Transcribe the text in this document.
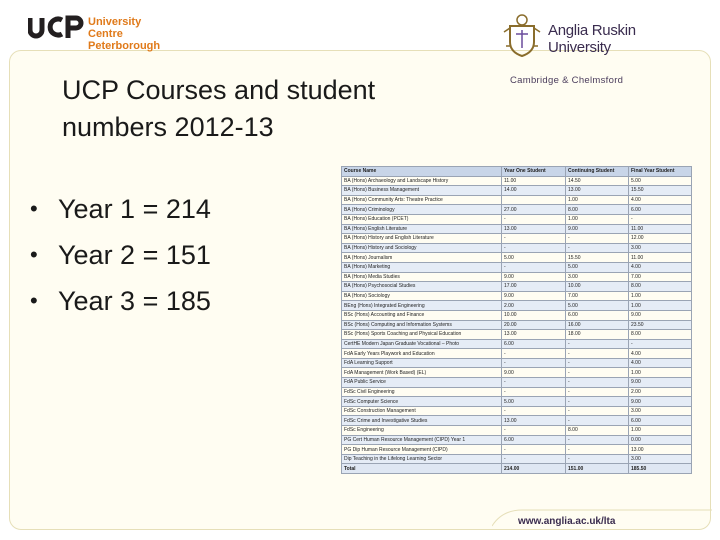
University Centre
Peterborough
Anglia Ruskin
University
Cambridge & Chelmsford
UCP Courses and student
numbers 2012-13
• Year 1 = 214
• Year 2 = 151
• Year 3 = 185
Course Name	Year One Student	Continuing Student	Final Year Student
BA (Hons) Archaeology and Landscape History	11.00	14.50	5.00
BA (Hons) Business Management	14.00	13.00	15.50
BA (Hons) Community Arts: Theatre Practice		1.00	4.00
BA (Hons) Criminology	27.00	8.00	6.00
BA (Hons) Education (PCET)	-	1.00	-
BA (Hons) English Literature	13.00	9.00	11.00
BA (Hons) History and English Literature	-	-	12.00
BA (Hons) History and Sociology	-	-	3.00
BA (Hons) Journalism	5.00	15.50	11.00
BA (Hons) Marketing	-	5.00	4.00
BA (Hons) Media Studies	9.00	3.00	7.00
BA (Hons) Psychosocial Studies	17.00	10.00	8.00
BA (Hons) Sociology	9.00	7.00	1.00
BEng (Hons) Integrated Engineering	2.00	5.00	1.00
BSc (Hons) Accounting and Finance	10.00	6.00	9.00
BSc (Hons) Computing and Information Systems	20.00	16.00	23.50
BSc (Hons) Sports Coaching and Physical Education	13.00	18.00	8.00
CertHE Modern Japan Graduate Vocational – Photo	6.00	-	-
FdA Early Years Playwork and Education	-	-	4.00
FdA Learning Support	-	-	4.00
FdA Management (Work Based) (EL)	9.00	-	1.00
FdA Public Service	-	-	9.00
FdSc Civil Engineering	-	-	2.00
FdSc Computer Science	5.00	-	9.00
FdSc Construction Management	-	-	3.00
FdSc Crime and Investigative Studies	13.00	-	6.00
FdSc Engineering	-	8.00	1.00
PG Cert Human Resource Management (CIPD) Year 1	6.00	-	0.00
PG Dip Human Resource Management (CIPD)	-	-	13.00
Dip Teaching in the Lifelong Learning Sector	-	-	3.00
Total	214.00	151.00	185.50
www.anglia.ac.uk/lta
